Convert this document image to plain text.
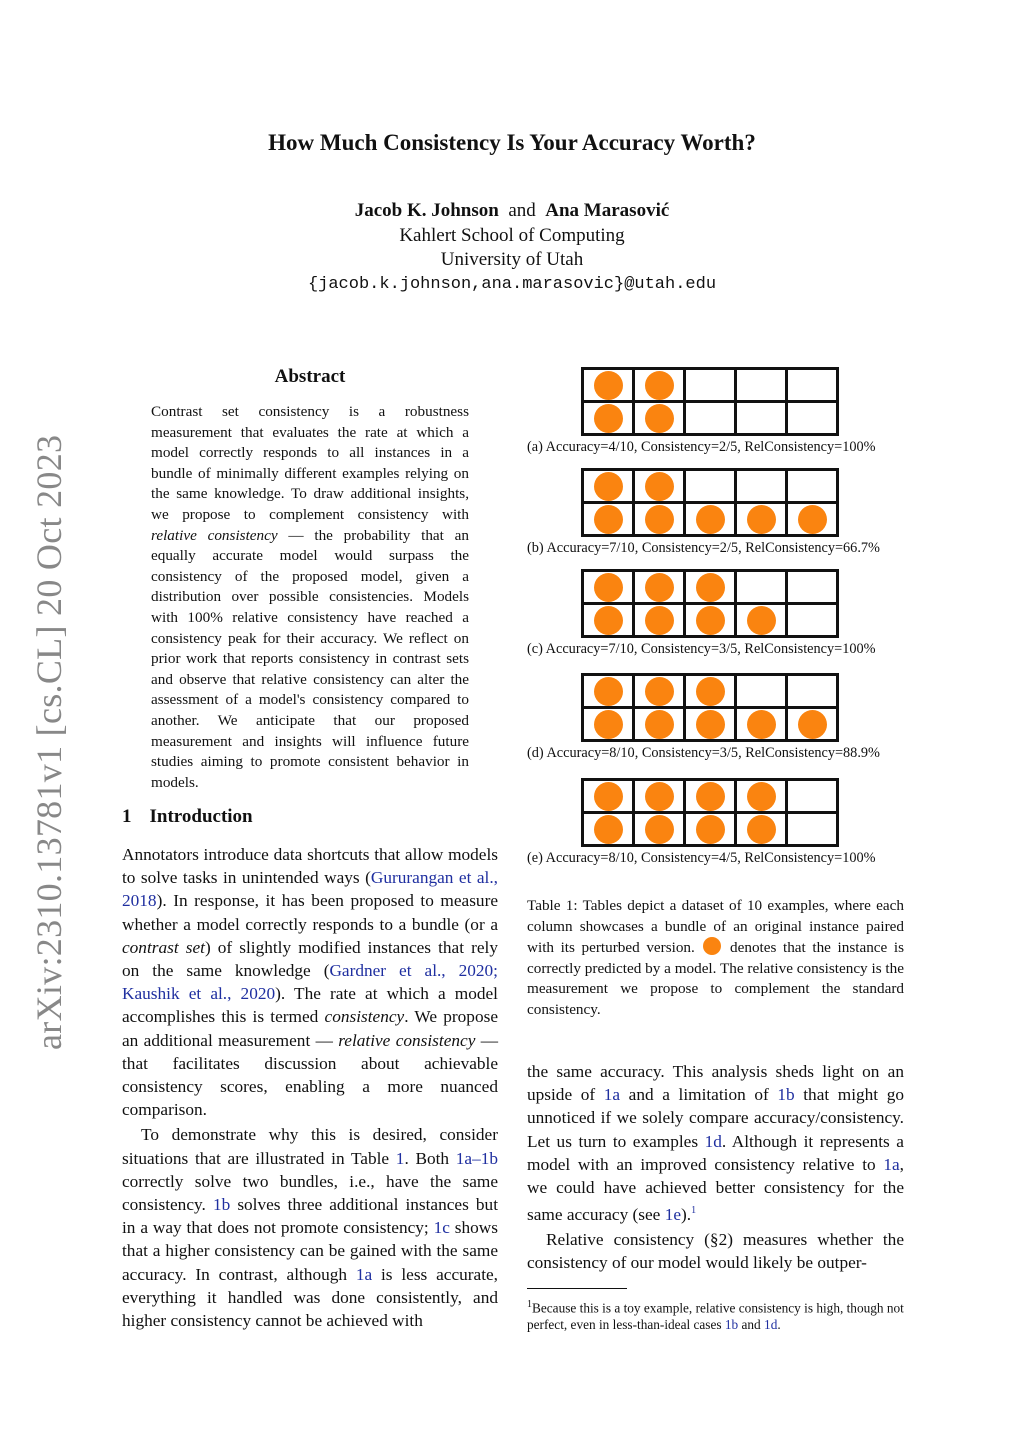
How Much Consistency Is Your Accuracy Worth?
Jacob K. Johnson and Ana Marasović
Kahlert School of Computing
University of Utah
{jacob.k.johnson,ana.marasovic}@utah.edu
arXiv:2310.13781v1 [cs.CL] 20 Oct 2023
Abstract
Contrast set consistency is a robustness measurement that evaluates the rate at which a model correctly responds to all instances in a bundle of minimally different examples relying on the same knowledge. To draw additional insights, we propose to complement consistency with relative consistency — the probability that an equally accurate model would surpass the consistency of the proposed model, given a distribution over possible consistencies. Models with 100% relative consistency have reached a consistency peak for their accuracy. We reflect on prior work that reports consistency in contrast sets and observe that relative consistency can alter the assessment of a model's consistency compared to another. We anticipate that our proposed measurement and insights will influence future studies aiming to promote consistent behavior in models.
1 Introduction

Annotators introduce data shortcuts that allow models to solve tasks in unintended ways (Gururangan et al., 2018). In response, it has been proposed to measure whether a model correctly responds to a bundle (or a contrast set) of slightly modified instances that rely on the same knowledge (Gardner et al., 2020; Kaushik et al., 2020). The rate at which a model accomplishes this is termed consistency. We propose an additional measurement — relative consistency — that facilitates discussion about achievable consistency scores, enabling a more nuanced comparison.

To demonstrate why this is desired, consider situations that are illustrated in Table 1. Both 1a–1b correctly solve two bundles, i.e., have the same consistency. 1b solves three additional instances but in a way that does not promote consistency; 1c shows that a higher consistency can be gained with the same accuracy. In contrast, although 1a is less accurate, everything it handled was done consistently, and higher consistency cannot be achieved with

(a) Accuracy=4/10, Consistency=2/5, RelConsistency=100%

(b) Accuracy=7/10, Consistency=2/5, RelConsistency=66.7%

(c) Accuracy=7/10, Consistency=3/5, RelConsistency=100%

(d) Accuracy=8/10, Consistency=3/5, RelConsistency=88.9%

(e) Accuracy=8/10, Consistency=4/5, RelConsistency=100%
Table 1: Tables depict a dataset of 10 examples, where each column showcases a bundle of an original instance paired with its perturbed version.  denotes that the instance is correctly predicted by a model. The relative consistency is the measurement we propose to complement the standard consistency.

the same accuracy. This analysis sheds light on an upside of 1a and a limitation of 1b that might go unnoticed if we solely compare accuracy/consistency. Let us turn to examples 1d. Although it represents a model with an improved consistency relative to 1a, we could have achieved better consistency for the same accuracy (see 1e).$^1$

Relative consistency (§2) measures whether the consistency of our model would likely be outper-

$^1$Because this is a toy example, relative consistency is high, though not perfect, even in less-than-ideal cases 1b and 1d.
